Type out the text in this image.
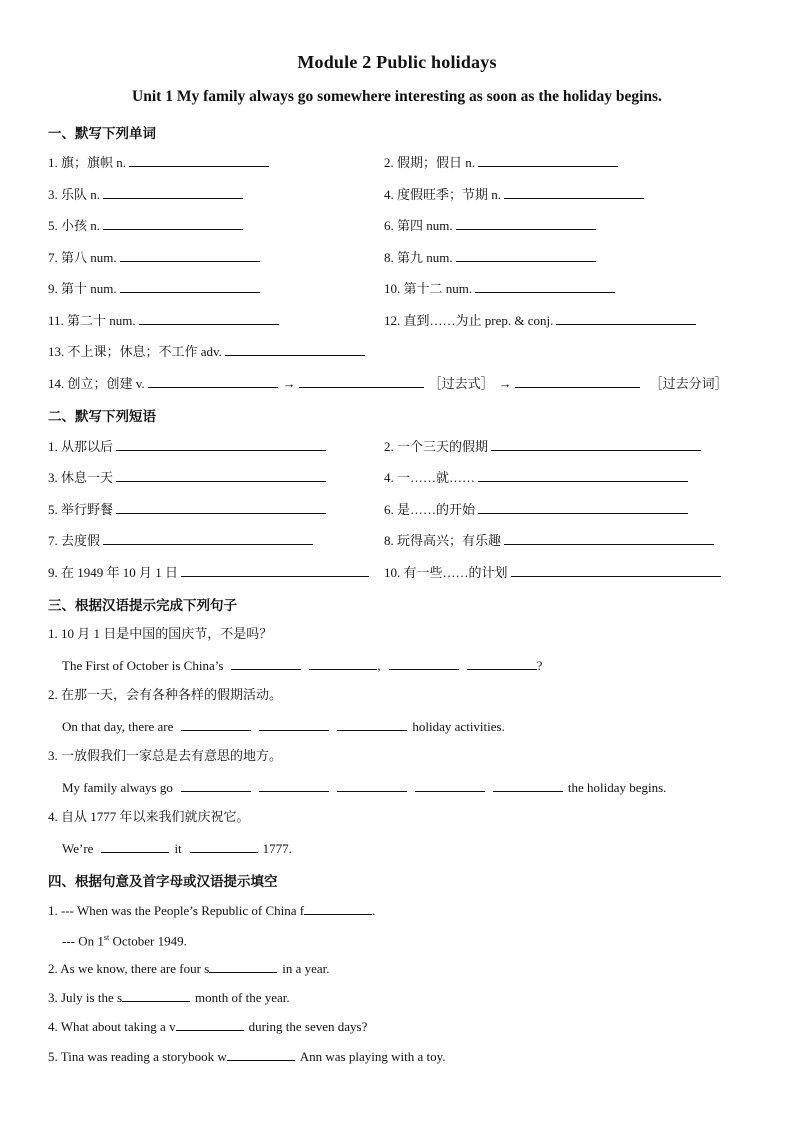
Module 2 Public holidays
Unit 1 My family always go somewhere interesting as soon as the holiday begins.
一、默写下列单词
1. 旗；旗帜 n.	2. 假期；假日 n.
3. 乐队 n.	4. 度假旺季；节期 n.
5. 小孩 n.	6. 第四 num.
7. 第八 num.	8. 第九 num.
9. 第十 num.	10. 第十二 num.
11. 第二十 num.	12. 直到……为止 prep. & conj.
13. 不上课；休息；不工作 adv.
14. 创立；创建 v.	→	［过去式］ →	［过去分词］
二、默写下列短语
1. 从那以后	2. 一个三天的假期
3. 休息一天	4. 一……就……
5. 举行野餐	6. 是……的开始
7. 去度假	8. 玩得高兴；有乐趣
9. 在 1949 年 10 月 1 日	10. 有一些……的计划
三、根据汉语提示完成下列句子
1. 10 月 1 日是中国的国庆节，不是吗？
The First of October is China’s	,	?
2. 在那一天，会有各种各样的假期活动。
On that day, there are	holiday activities.
3. 一放假我们一家总是去有意思的地方。
My family always go	the holiday begins.
4. 自从 1777 年以来我们就庆祝它。
We’re	it	1777.
四、根据句意及首字母或汉语提示填空
1. --- When was the People’s Republic of China f	.
--- On 1st October 1949.
2. As we know, there are four s	in a year.
3. July is the s	month of the year.
4. What about taking a v	during the seven days?
5. Tina was reading a storybook w	Ann was playing with a toy.
